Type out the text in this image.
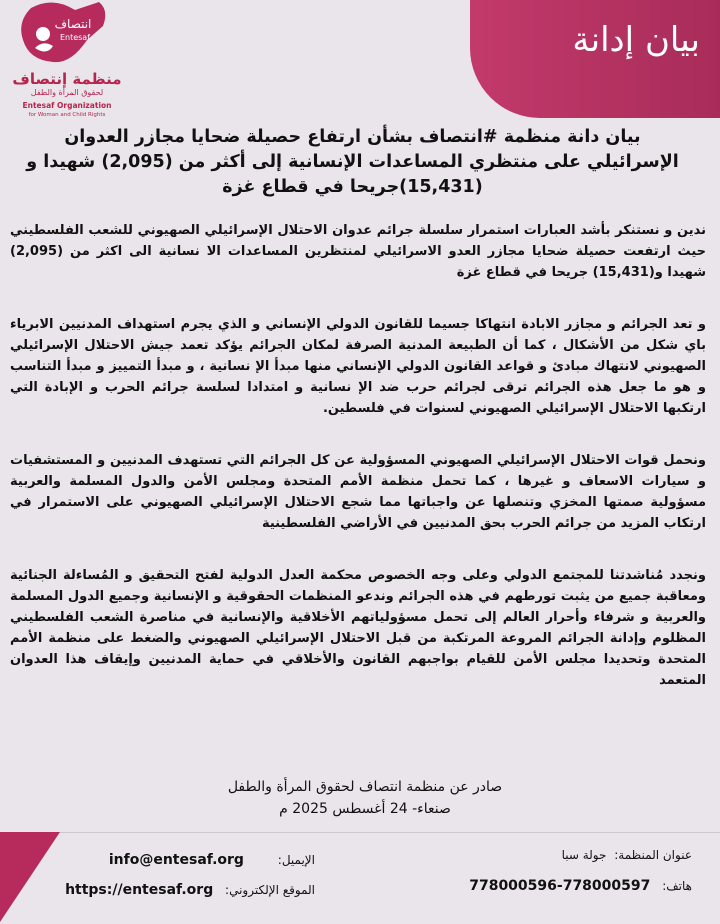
انتصاف
Entesaf
منظمة إنتصاف
لحقوق المرأة والطفل
Entesaf Organization
for Woman and Child Rights
بيان إدانة
بيان دانة منظمة #انتصاف بشأن ارتفاع حصيلة ضحايا مجازر العدوان الإسرائيلي على منتظري المساعدات الإنسانية إلى أكثر من (2,095) شهيدا و (15,431)جريحا في قطاع غزة

ندين و نستنكر بأشد العبارات استمرار سلسلة جرائم عدوان الاحتلال الإسرائيلي الصهيوني للشعب الفلسطيني حيث ارتفعت حصيلة ضحايا مجازر العدو الاسرائيلي لمنتظرين المساعدات الا نسانية الى اكثر من (2,095) شهيدا و(15,431) جريحا في قطاع غزة

و تعد الجرائم و مجازر الابادة انتهاكا جسيما للقانون الدولي الإنساني و الذي يجرم استهداف المدنيين الابرياء باي شكل من الأشكال ، كما أن الطبيعة المدنية الصرفة لمكان الجرائم يؤكد تعمد جيش الاحتلال الإسرائيلي الصهيوني لانتهاك مبادئ و قواعد القانون الدولي الإنساني منها مبدأ الإ نسانية ، و مبدأ التمييز و مبدأ التناسب و هو ما جعل هذه الجرائم ترقى لجرائم حرب ضد الإ نسانية و امتدادا لسلسة جرائم الحرب و الإبادة التي ارتكبها الاحتلال الإسرائيلي الصهيوني لسنوات في فلسطين.

ونحمل قوات الاحتلال الإسرائيلي الصهيوني المسؤولية عن كل الجرائم التي تستهدف المدنيين و المستشفيات و سيارات الاسعاف و غيرها ، كما تحمل منظمة الأمم المتحدة ومجلس الأمن والدول المسلمة والعربية مسؤولية صمتها المخزي وتنصلها عن واجباتها مما شجع الاحتلال الإسرائيلي الصهيوني على الاستمرار في ارتكاب المزيد من جرائم الحرب بحق المدنيين في الأراضي الفلسطينية

ونجدد مُناشدتنا للمجتمع الدولي وعلى وجه الخصوص محكمة العدل الدولية لفتح التحقيق و المُساءلة الجنائية ومعاقبة جميع من يثبت تورطهم في هذه الجرائم وندعو المنظمات الحقوقية و الإنسانية وجميع الدول المسلمة والعربية و شرفاء وأحرار العالم إلى تحمل مسؤولياتهم الأخلاقية والإنسانية في مناصرة الشعب الفلسطيني المظلوم وإدانة الجرائم المروعة المرتكبة من قبل الاحتلال الإسرائيلي الصهيوني والضغط على منظمة الأمم المتحدة وتحديدا مجلس الأمن للقيام بواجبهم القانون والأخلاقي في حماية المدنيين وإيقاف هذا العدوان المتعمد

صادر عن منظمة انتصاف لحقوق المرأة والطفل
صنعاء- 24 أغسطس 2025 م
عنوان المنظمة: جولة سبا
هاتف: 778000597-778000596
الإيميل: info@entesaf.org
الموقع الإلكتروني: https://entesaf.org
